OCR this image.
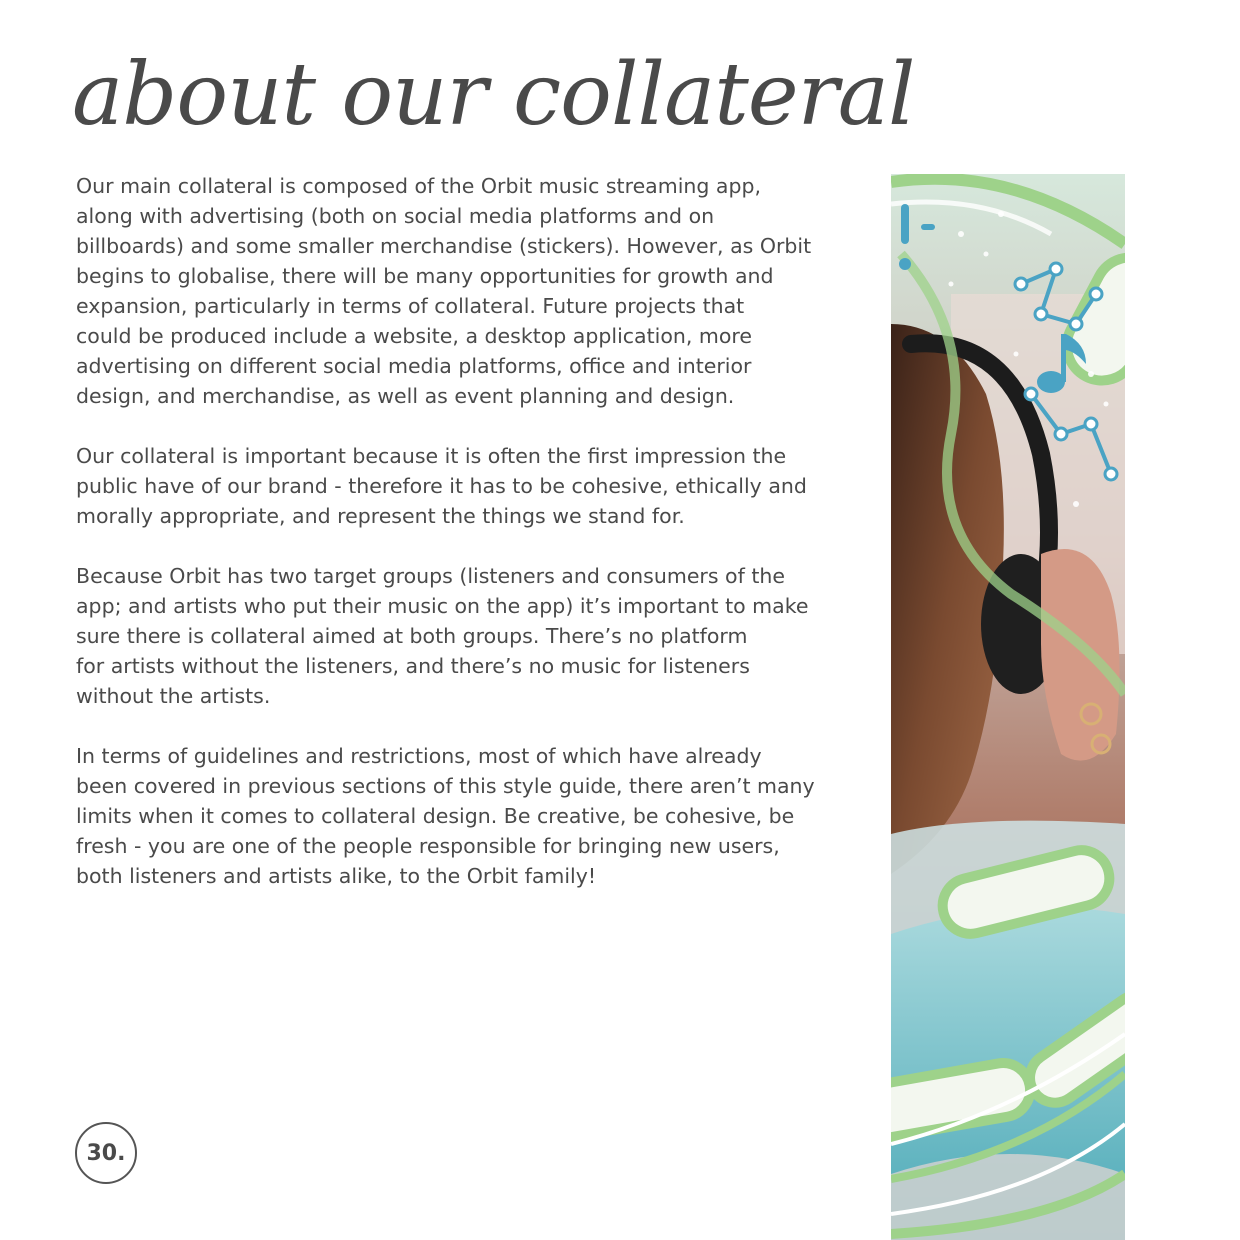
about our collateral

Our main collateral is composed of the Orbit music streaming app,
along with advertising (both on social media platforms and on
billboards) and some smaller merchandise (stickers). However, as Orbit
begins to globalise, there will be many opportunities for growth and
expansion, particularly in terms of collateral. Future projects that
could be produced include a website, a desktop application, more
advertising on different social media platforms, office and interior
design, and merchandise, as well as event planning and design.

Our collateral is important because it is often the first impression the
public have of our brand - therefore it has to be cohesive, ethically and
morally appropriate, and represent the things we stand for.

Because Orbit has two target groups (listeners and consumers of the
app; and artists who put their music on the app) it’s important to make
sure there is collateral aimed at both groups. There’s no platform
for artists without the listeners, and there’s no music for listeners
without the artists.

In terms of guidelines and restrictions, most of which have already
been covered in previous sections of this style guide, there aren’t many
limits when it comes to collateral design. Be creative, be cohesive, be
fresh - you are one of the people responsible for bringing new users,
both listeners and artists alike, to the Orbit family!

30.
